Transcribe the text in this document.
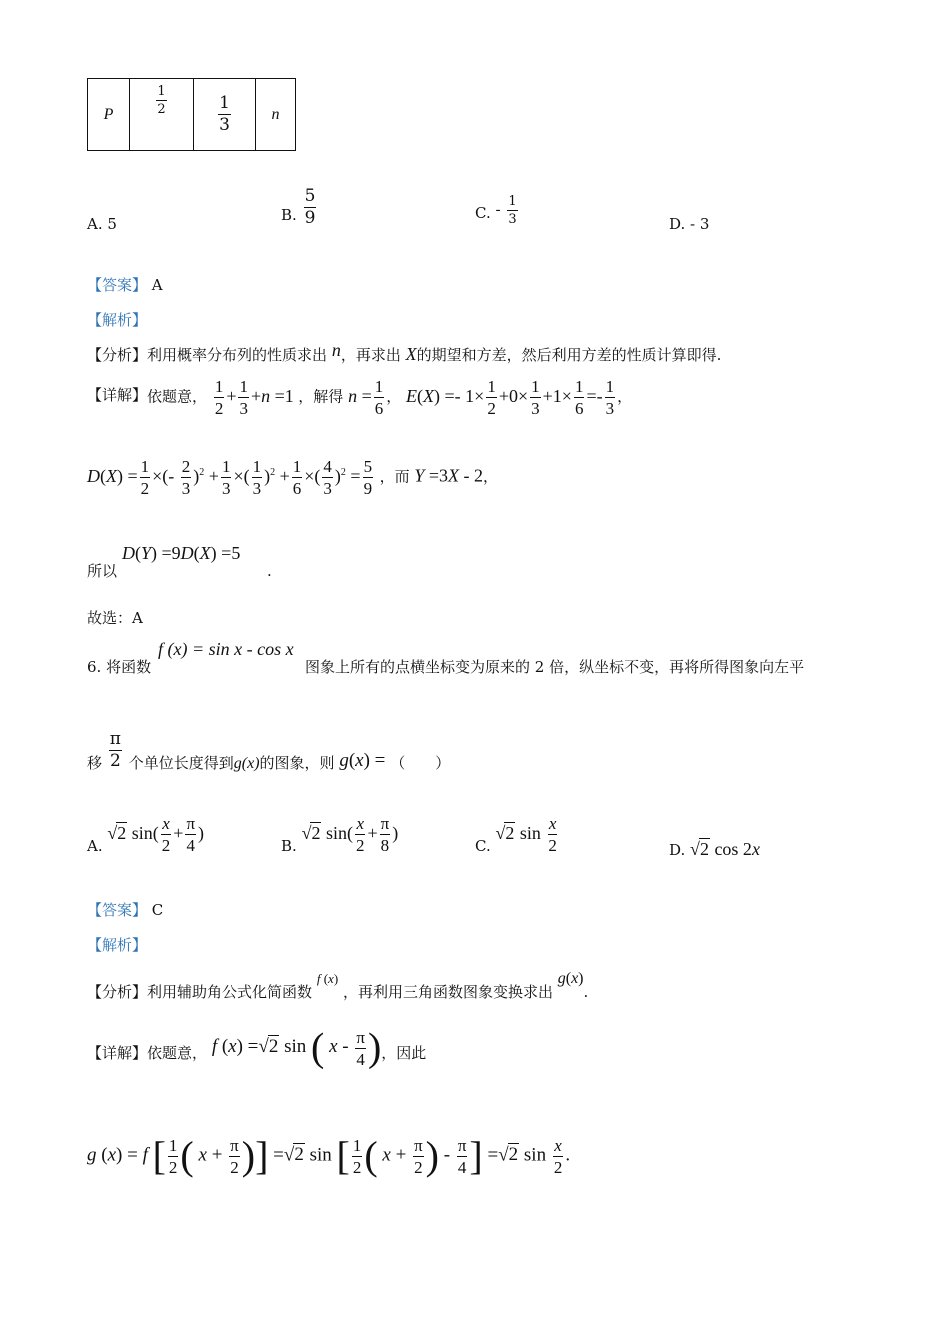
P	$\frac{1}{2}$	$\frac{1}{3}$	n
A. 5
B. $\frac{5}{9}$	C. - $\frac{1}{3}$	D. - 3
【答案】 A
【解析】
【分析】利用概率分布列的性质求出 n，再求出 X的期望和方差，然后利用方差的性质计算即得.
【详解】依题意， $\frac{1}{2} + \frac{1}{3} +n =1$ ，解得 $n = \frac{1}{6}$ ， $E(X) =- 1\times \frac{1}{2} +0\times \frac{1}{3} +1\times \frac{1}{6} =- \frac{1}{3}$ ，
$D(X) = \frac{1}{2}$ ×(- $\frac{2}{3} )^2 + \frac{1}{3}$ ×( $\frac{1}{3} )^2 + \frac{1}{6}$ ×( $\frac{4}{3} )^2 = \frac{5}{9}$ ，而 Y =3X - 2，
所以
D(Y) =9D(X) =5
.
故选：A
6. 将函数
f (x) = sin x - cos x
图象上所有的点横坐标变为原来的 2 倍，纵坐标不变，再将所得图象向左平
移 $\frac{\pi}{2}$ 个单位长度得到g(x)的图象，则 g(x) = （　　）
A. √2 $\sin( \frac{x}{2} + \frac{\pi}{4}$ )
B. √2 $\sin( \frac{x}{2} + \frac{\pi}{8}$ )
C. √2 $\sin \frac{x}{2}$	D. √2 cos 2x
【答案】 C
【解析】
【分析】利用辅助角公式化简函数 f (x) ，再利用三角函数图象变换求出 g(x).
【详解】依题意， f (x) =√2 sin ( x - $\frac{\pi}{4}$ )，因此
g (x) = f [ $\frac{1}{2}$ ( $x + \frac{\pi}{2}$ )] =√2 sin [ $\frac{1}{2}$ ( $x + \frac{\pi}{2}$ ) - $\frac{\pi}{4}$ ] =√2 $\sin \frac{x}{2}$ .
